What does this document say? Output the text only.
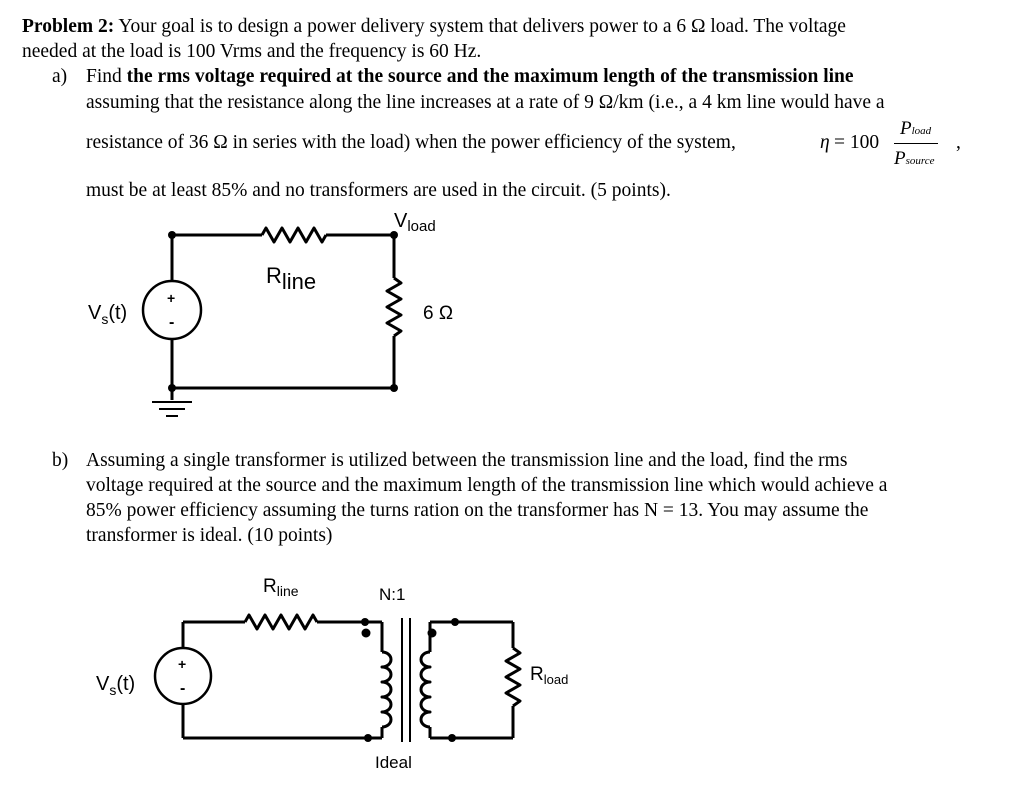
Problem 2: Your goal is to design a power delivery system that delivers power to a 6 Ω load. The voltage
needed at the load is 100 Vrms and the frequency is 60 Hz.
a) Find the rms voltage required at the source and the maximum length of the transmission line
assuming that the resistance along the line increases at a rate of 9 Ω/km (i.e., a 4 km line would have a
resistance of 36 Ω in series with the load) when the power efficiency of the system,	η = 100
Pload
Psource
,
must be at least 85% and no transformers are used in the circuit. (5 points).
+
-
$V_{load}$
Rline
$V_s(t)$	6 Ω
b) Assuming a single transformer is utilized between the transmission line and the load, find the rms
voltage required at the source and the maximum length of the transmission line which would achieve a
85% power efficiency assuming the turns ration on the transformer has N = 13. You may assume the
transformer is ideal. (10 points)
+
-
$R_{line}$	N:1
$V_s(t)$	$R_{load}$
Ideal
